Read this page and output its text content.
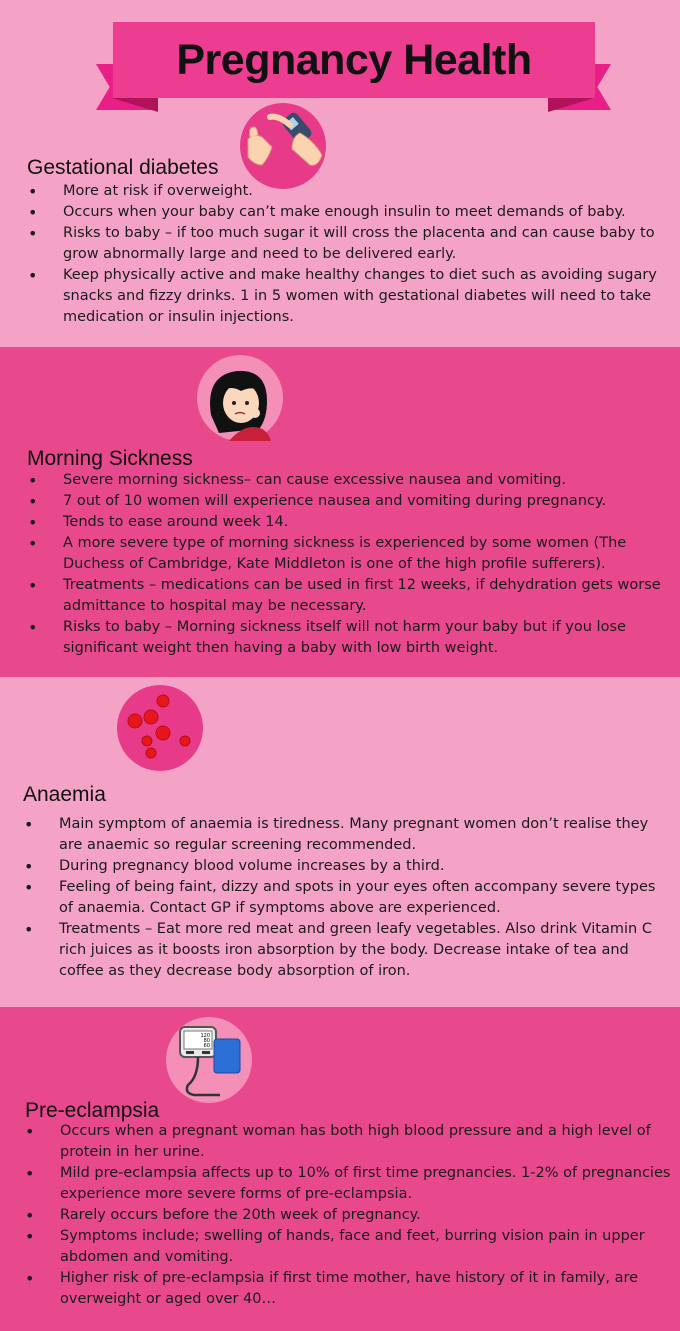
Pregnancy Health
Gestational diabetes
• More at risk if overweight.
• Occurs when your baby can’t make enough insulin to meet demands of baby.
• Risks to baby – if too much sugar it will cross the placenta and can cause baby to grow abnormally large and need to be delivered early.
• Keep physically active and make healthy changes to diet such as avoiding sugary snacks and fizzy drinks. 1 in 5 women with gestational diabetes will need to take medication or insulin injections.
Morning Sickness
• Severe morning sickness– can cause excessive nausea and vomiting.
• 7 out of 10 women will experience nausea and vomiting during pregnancy.
• Tends to ease around week 14.
• A more severe type of morning sickness is experienced by some women (The Duchess of Cambridge, Kate Middleton is one of the high profile sufferers).
• Treatments – medications can be used in first 12 weeks, if dehydration gets worse admittance to hospital may be necessary.
• Risks to baby – Morning sickness itself will not harm your baby but if you lose significant weight then having a baby with low birth weight.
Anaemia
• Main symptom of anaemia is tiredness. Many pregnant women don’t realise they are anaemic so regular screening recommended.
• During pregnancy blood volume increases by a third.
• Feeling of being faint, dizzy and spots in your eyes often accompany severe types of anaemia. Contact GP if symptoms above are experienced.
• Treatments – Eat more red meat and green leafy vegetables. Also drink Vitamin C rich juices as it boosts iron absorption by the body. Decrease intake of tea and coffee as they decrease body absorption of iron.
120
80
60
Pre-eclampsia
• Occurs when a pregnant woman has both high blood pressure and a high level of protein in her urine.
• Mild pre-eclampsia affects up to 10% of first time pregnancies. 1-2% of pregnancies experience more severe forms of pre-eclampsia.
• Rarely occurs before the 20th week of pregnancy.
• Symptoms include; swelling of hands, face and feet, burring vision pain in upper abdomen and vomiting.
• Higher risk of pre-eclampsia if first time mother, have history of it in family, are overweight or aged over 40…
